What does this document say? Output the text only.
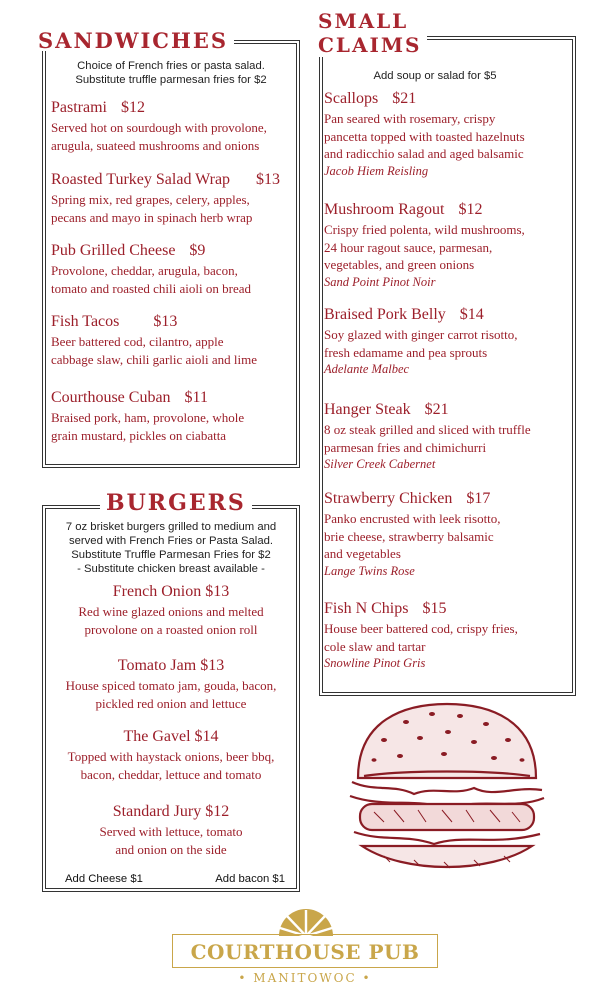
SANDWICHES
Choice of French fries or pasta salad.
Substitute truffle parmesan fries for $2
Pastrami $12
Served hot on sourdough with provolone,
arugula, suateed mushrooms and onions
Roasted Turkey Salad Wrap $13
Spring mix, red grapes, celery, apples,
pecans and mayo in spinach herb wrap
Pub Grilled Cheese $9
Provolone, cheddar, arugula, bacon,
tomato and roasted chili aioli on bread
Fish Tacos $13
Beer battered cod, cilantro, apple
cabbage slaw, chili garlic aioli and lime
Courthouse Cuban $11
Braised pork, ham, provolone, whole
grain mustard, pickles on ciabatta
BURGERS
7 oz brisket burgers grilled to medium and
served with French Fries or Pasta Salad.
Substitute Truffle Parmesan Fries for $2
- Substitute chicken breast available -
French Onion $13
Red wine glazed onions and melted
provolone on a roasted onion roll
Tomato Jam $13
House spiced tomato jam, gouda, bacon,
pickled red onion and lettuce
The Gavel $14
Topped with haystack onions, beer bbq,
bacon, cheddar, lettuce and tomato
Standard Jury $12
Served with lettuce, tomato
and onion on the side
Add Cheese $1	Add bacon $1
SMALL
CLAIMS
Add soup or salad for $5
Scallops $21
Pan seared with rosemary, crispy
pancetta topped with toasted hazelnuts
and radicchio salad and aged balsamic
Jacob Hiem Reisling
Mushroom Ragout $12
Crispy fried polenta, wild mushrooms,
24 hour ragout sauce, parmesan,
vegetables, and green onions
Sand Point Pinot Noir
Braised Pork Belly $14
Soy glazed with ginger carrot risotto,
fresh edamame and pea sprouts
Adelante Malbec
Hanger Steak $21
8 oz steak grilled and sliced with truffle
parmesan fries and chimichurri
Silver Creek Cabernet
Strawberry Chicken $17
Panko encrusted with leek risotto,
brie cheese, strawberry balsamic
and vegetables
Lange Twins Rose
Fish N Chips $15
House beer battered cod, crispy fries,
cole slaw and tartar
Snowline Pinot Gris
COURTHOUSE PUB
• MANITOWOC •
